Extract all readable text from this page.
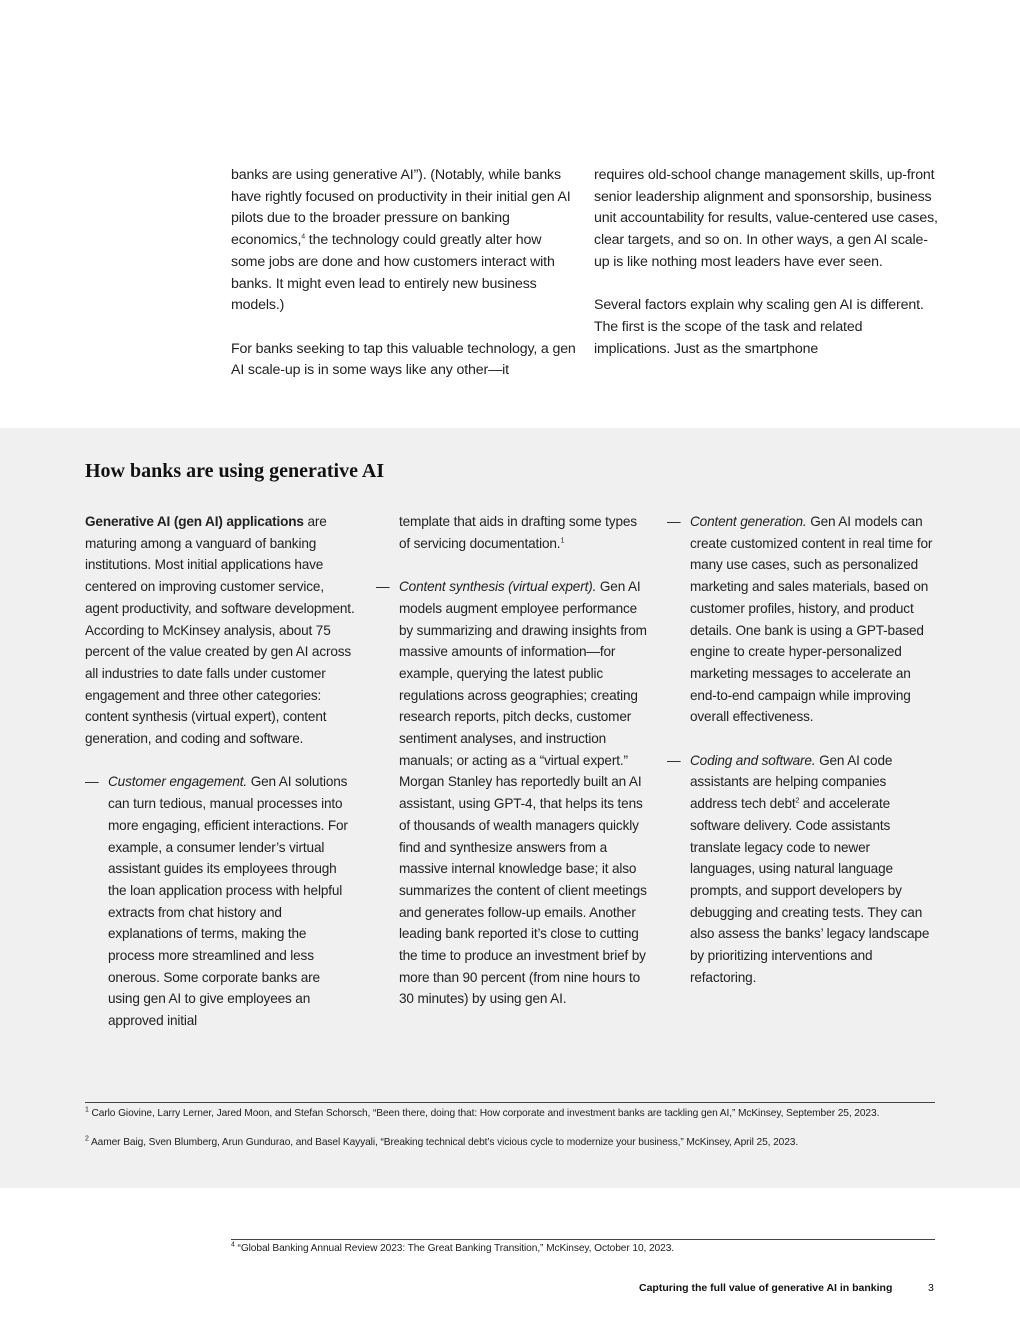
banks are using generative AI”). (Notably, while banks have rightly focused on productivity in their initial gen AI pilots due to the broader pressure on banking economics,$^4$ the technology could greatly alter how some jobs are done and how customers interact with banks. It might even lead to entirely new business models.)

For banks seeking to tap this valuable technology, a gen AI scale-up is in some ways like any other—it

requires old-school change management skills, up-front senior leadership alignment and sponsorship, business unit accountability for results, value-centered use cases, clear targets, and so on. In other ways, a gen AI scale-up is like nothing most leaders have ever seen.

Several factors explain why scaling gen AI is different. The first is the scope of the task and related implications. Just as the smartphone

How banks are using generative AI

Generative AI (gen AI) applications are maturing among a vanguard of banking institutions. Most initial applications have centered on improving customer service, agent productivity, and software development. According to McKinsey analysis, about 75 percent of the value created by gen AI across all industries to date falls under customer engagement and three other categories: content synthesis (virtual expert), content generation, and coding and software.

— Customer engagement. Gen AI solutions can turn tedious, manual processes into more engaging, efficient interactions. For example, a consumer lender’s virtual assistant guides its employees through the loan application process with helpful extracts from chat history and explanations of terms, making the process more streamlined and less onerous. Some corporate banks are using gen AI to give employees an approved initial

template that aids in drafting some types of servicing documentation.$^1$

— Content synthesis (virtual expert). Gen AI models augment employee performance by summarizing and drawing insights from massive amounts of information—for example, querying the latest public regulations across geographies; creating research reports, pitch decks, customer sentiment analyses, and instruction manuals; or acting as a “virtual expert.” Morgan Stanley has reportedly built an AI assistant, using GPT-4, that helps its tens of thousands of wealth managers quickly find and synthesize answers from a massive internal knowledge base; it also summarizes the content of client meetings and generates follow-up emails. Another leading bank reported it’s close to cutting the time to produce an investment brief by more than 90 percent (from nine hours to 30 minutes) by using gen AI.

— Content generation. Gen AI models can create customized content in real time for many use cases, such as personalized marketing and sales materials, based on customer profiles, history, and product details. One bank is using a GPT-based engine to create hyper-personalized marketing messages to accelerate an end-to-end campaign while improving overall effectiveness.

— Coding and software. Gen AI code assistants are helping companies address tech debt$^2$ and accelerate software delivery. Code assistants translate legacy code to newer languages, using natural language prompts, and support developers by debugging and creating tests. They can also assess the banks’ legacy landscape by prioritizing interventions and refactoring.

$^1$ Carlo Giovine, Larry Lerner, Jared Moon, and Stefan Schorsch, “Been there, doing that: How corporate and investment banks are tackling gen AI,” McKinsey, September 25, 2023.
$^2$ Aamer Baig, Sven Blumberg, Arun Gundurao, and Basel Kayyali, “Breaking technical debt’s vicious cycle to modernize your business,” McKinsey, April 25, 2023.
$^4$ “Global Banking Annual Review 2023: The Great Banking Transition,” McKinsey, October 10, 2023.
Capturing the full value of generative AI in banking	3
